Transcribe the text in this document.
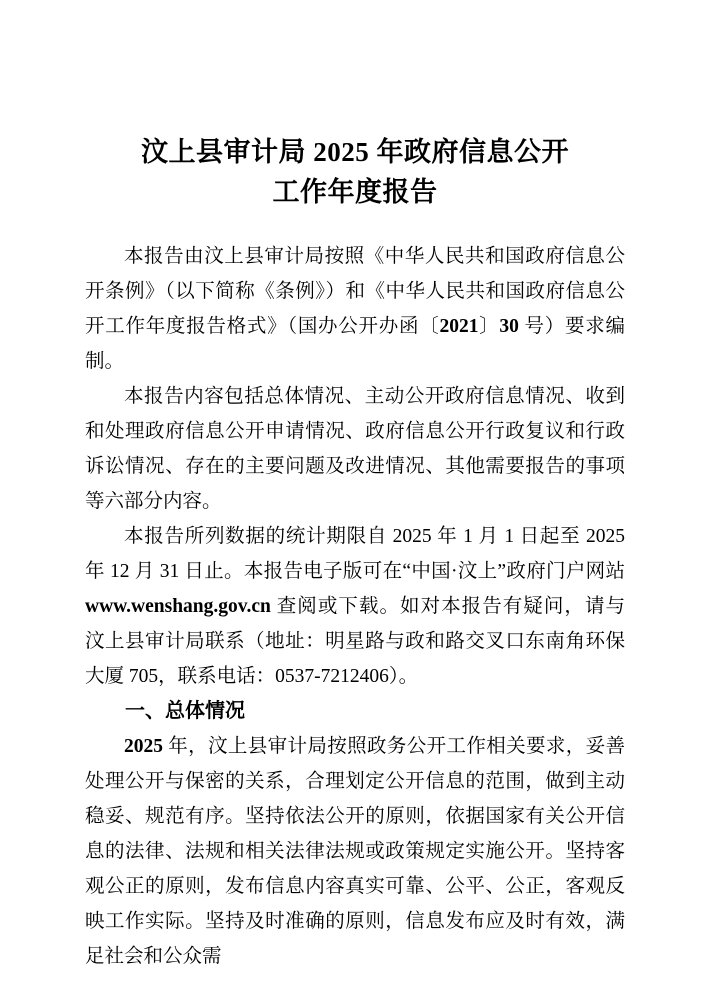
汶上县审计局 2025 年政府信息公开
工作年度报告

本报告由汶上县审计局按照《中华人民共和国政府信息公开条例》（以下简称《条例》）和《中华人民共和国政府信息公开工作年度报告格式》（国办公开办函〔2021〕30 号）要求编制。

本报告内容包括总体情况、主动公开政府信息情况、收到和处理政府信息公开申请情况、政府信息公开行政复议和行政诉讼情况、存在的主要问题及改进情况、其他需要报告的事项等六部分内容。

本报告所列数据的统计期限自 2025 年 1 月 1 日起至 2025 年 12 月 31 日止。本报告电子版可在“中国·汶上”政府门户网站 www.wenshang.gov.cn 查阅或下载。如对本报告有疑问，请与汶上县审计局联系（地址：明星路与政和路交叉口东南角环保大厦 705，联系电话：0537-7212406）。

一、总体情况

2025 年，汶上县审计局按照政务公开工作相关要求，妥善处理公开与保密的关系，合理划定公开信息的范围，做到主动稳妥、规范有序。坚持依法公开的原则，依据国家有关公开信息的法律、法规和相关法律法规或政策规定实施公开。坚持客观公正的原则，发布信息内容真实可靠、公平、公正，客观反映工作实际。坚持及时准确的原则，信息发布应及时有效，满足社会和公众需
